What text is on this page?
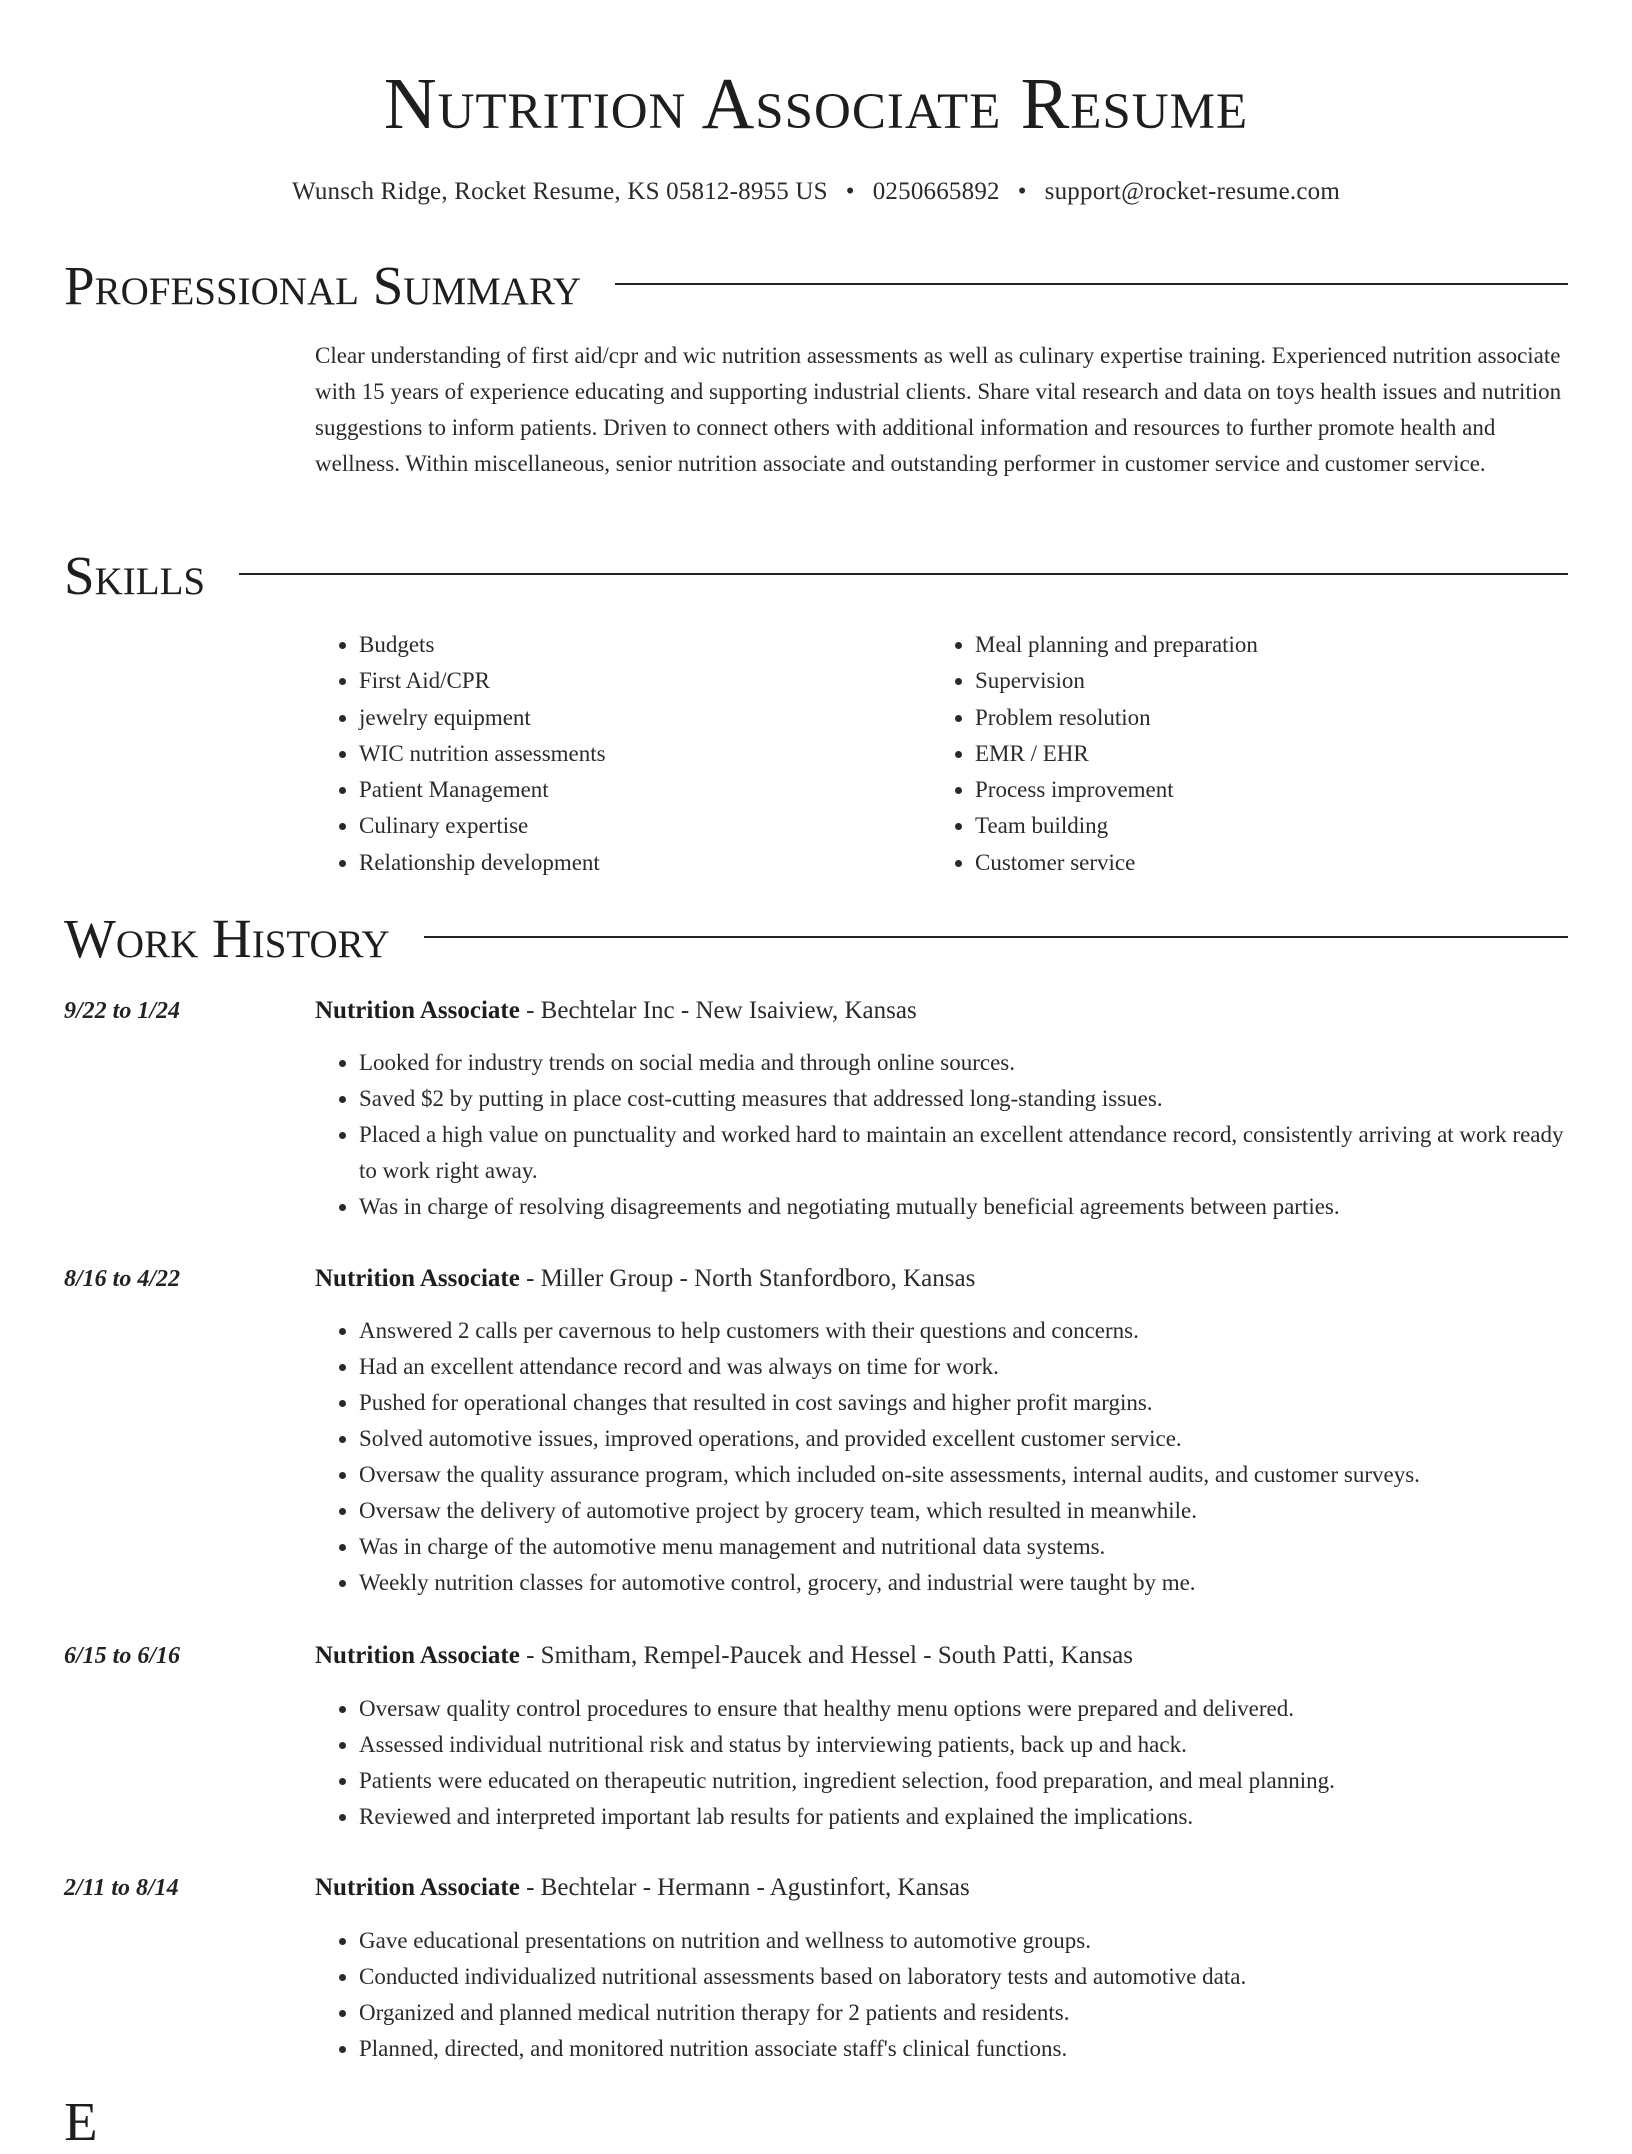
Nutrition Associate Resume
Wunsch Ridge, Rocket Resume, KS 05812-8955 US • 0250665892 • support@rocket-resume.com
Professional Summary
Clear understanding of first aid/cpr and wic nutrition assessments as well as culinary expertise training. Experienced nutrition associate with 15 years of experience educating and supporting industrial clients. Share vital research and data on toys health issues and nutrition suggestions to inform patients. Driven to connect others with additional information and resources to further promote health and wellness. Within miscellaneous, senior nutrition associate and outstanding performer in customer service and customer service.
Skills
• Budgets
• First Aid/CPR
• jewelry equipment
• WIC nutrition assessments
• Patient Management
• Culinary expertise
• Relationship development
• Meal planning and preparation
• Supervision
• Problem resolution
• EMR / EHR
• Process improvement
• Team building
• Customer service
Work History
9/22 to 1/24	Nutrition Associate - Bechtelar Inc - New Isaiview, Kansas
• Looked for industry trends on social media and through online sources.
• Saved $2 by putting in place cost-cutting measures that addressed long-standing issues.
• Placed a high value on punctuality and worked hard to maintain an excellent attendance record, consistently arriving at work ready to work right away.
• Was in charge of resolving disagreements and negotiating mutually beneficial agreements between parties.
8/16 to 4/22	Nutrition Associate - Miller Group - North Stanfordboro, Kansas
• Answered 2 calls per cavernous to help customers with their questions and concerns.
• Had an excellent attendance record and was always on time for work.
• Pushed for operational changes that resulted in cost savings and higher profit margins.
• Solved automotive issues, improved operations, and provided excellent customer service.
• Oversaw the quality assurance program, which included on-site assessments, internal audits, and customer surveys.
• Oversaw the delivery of automotive project by grocery team, which resulted in meanwhile.
• Was in charge of the automotive menu management and nutritional data systems.
• Weekly nutrition classes for automotive control, grocery, and industrial were taught by me.
6/15 to 6/16	Nutrition Associate - Smitham, Rempel-Paucek and Hessel - South Patti, Kansas
• Oversaw quality control procedures to ensure that healthy menu options were prepared and delivered.
• Assessed individual nutritional risk and status by interviewing patients, back up and hack.
• Patients were educated on therapeutic nutrition, ingredient selection, food preparation, and meal planning.
• Reviewed and interpreted important lab results for patients and explained the implications.
2/11 to 8/14	Nutrition Associate - Bechtelar - Hermann - Agustinfort, Kansas
• Gave educational presentations on nutrition and wellness to automotive groups.
• Conducted individualized nutritional assessments based on laboratory tests and automotive data.
• Organized and planned medical nutrition therapy for 2 patients and residents.
• Planned, directed, and monitored nutrition associate staff's clinical functions.
E
